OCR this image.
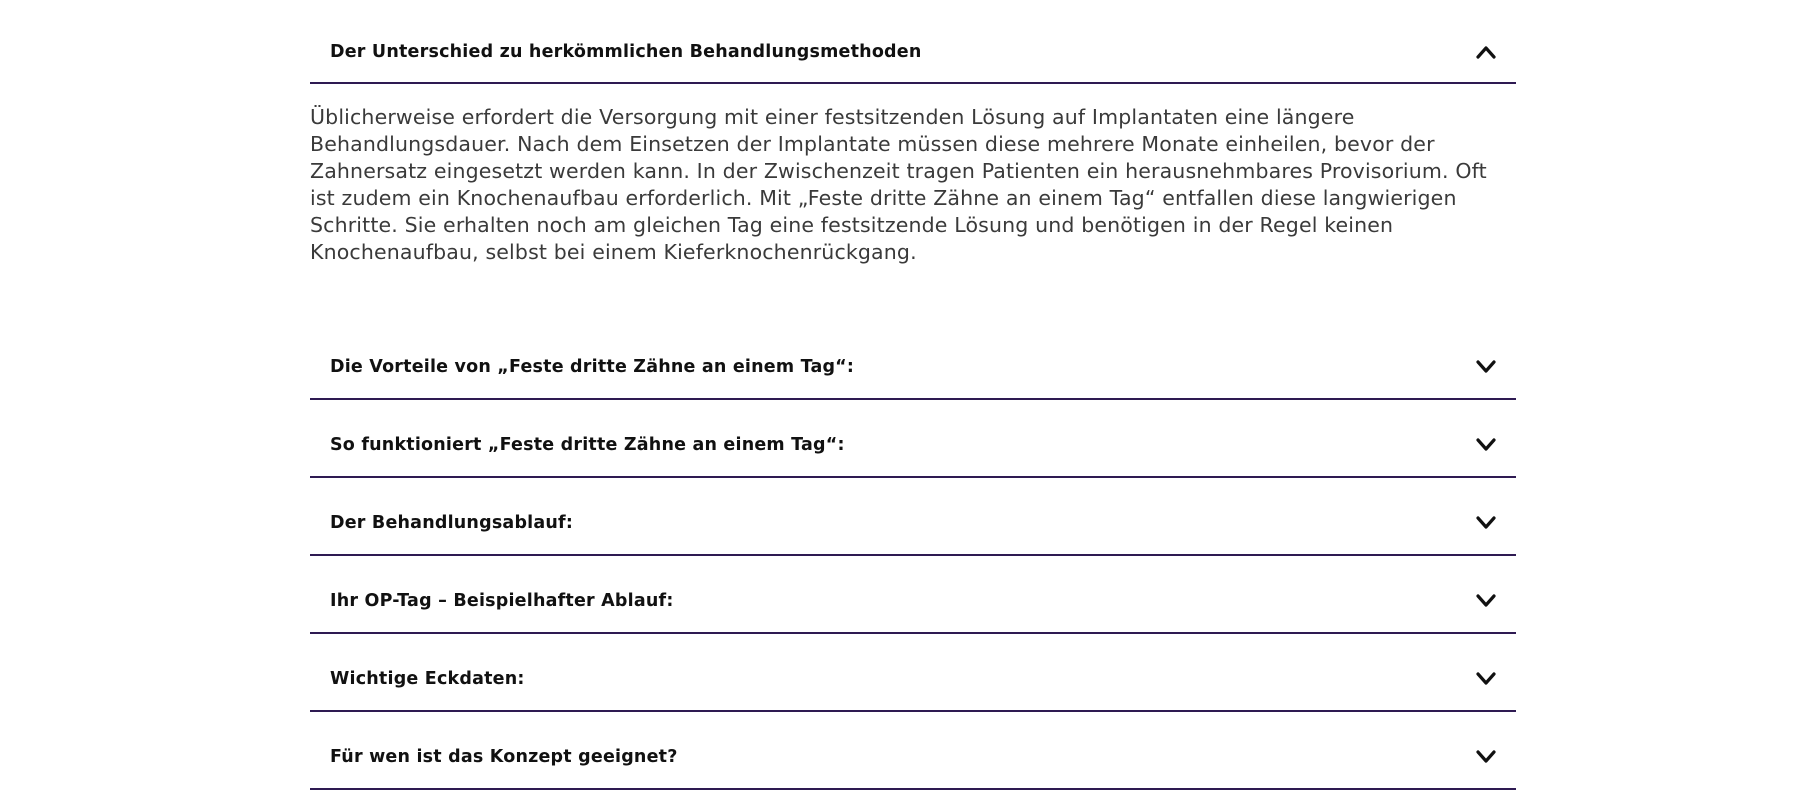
Der Unterschied zu herkömmlichen Behandlungsmethoden
Üblicherweise erfordert die Versorgung mit einer festsitzenden Lösung auf Implantaten eine längere Behandlungsdauer. Nach dem Einsetzen der Implantate müssen diese mehrere Monate einheilen, bevor der Zahnersatz eingesetzt werden kann. In der Zwischenzeit tragen Patienten ein herausnehmbares Provisorium. Oft ist zudem ein Knochenaufbau erforderlich. Mit „Feste dritte Zähne an einem Tag“ entfallen diese langwierigen Schritte. Sie erhalten noch am gleichen Tag eine festsitzende Lösung und benötigen in der Regel keinen Knochenaufbau, selbst bei einem Kieferknochenrückgang.
Die Vorteile von „Feste dritte Zähne an einem Tag“:
So funktioniert „Feste dritte Zähne an einem Tag“:
Der Behandlungsablauf:
Ihr OP-Tag – Beispielhafter Ablauf:
Wichtige Eckdaten:
Für wen ist das Konzept geeignet?
